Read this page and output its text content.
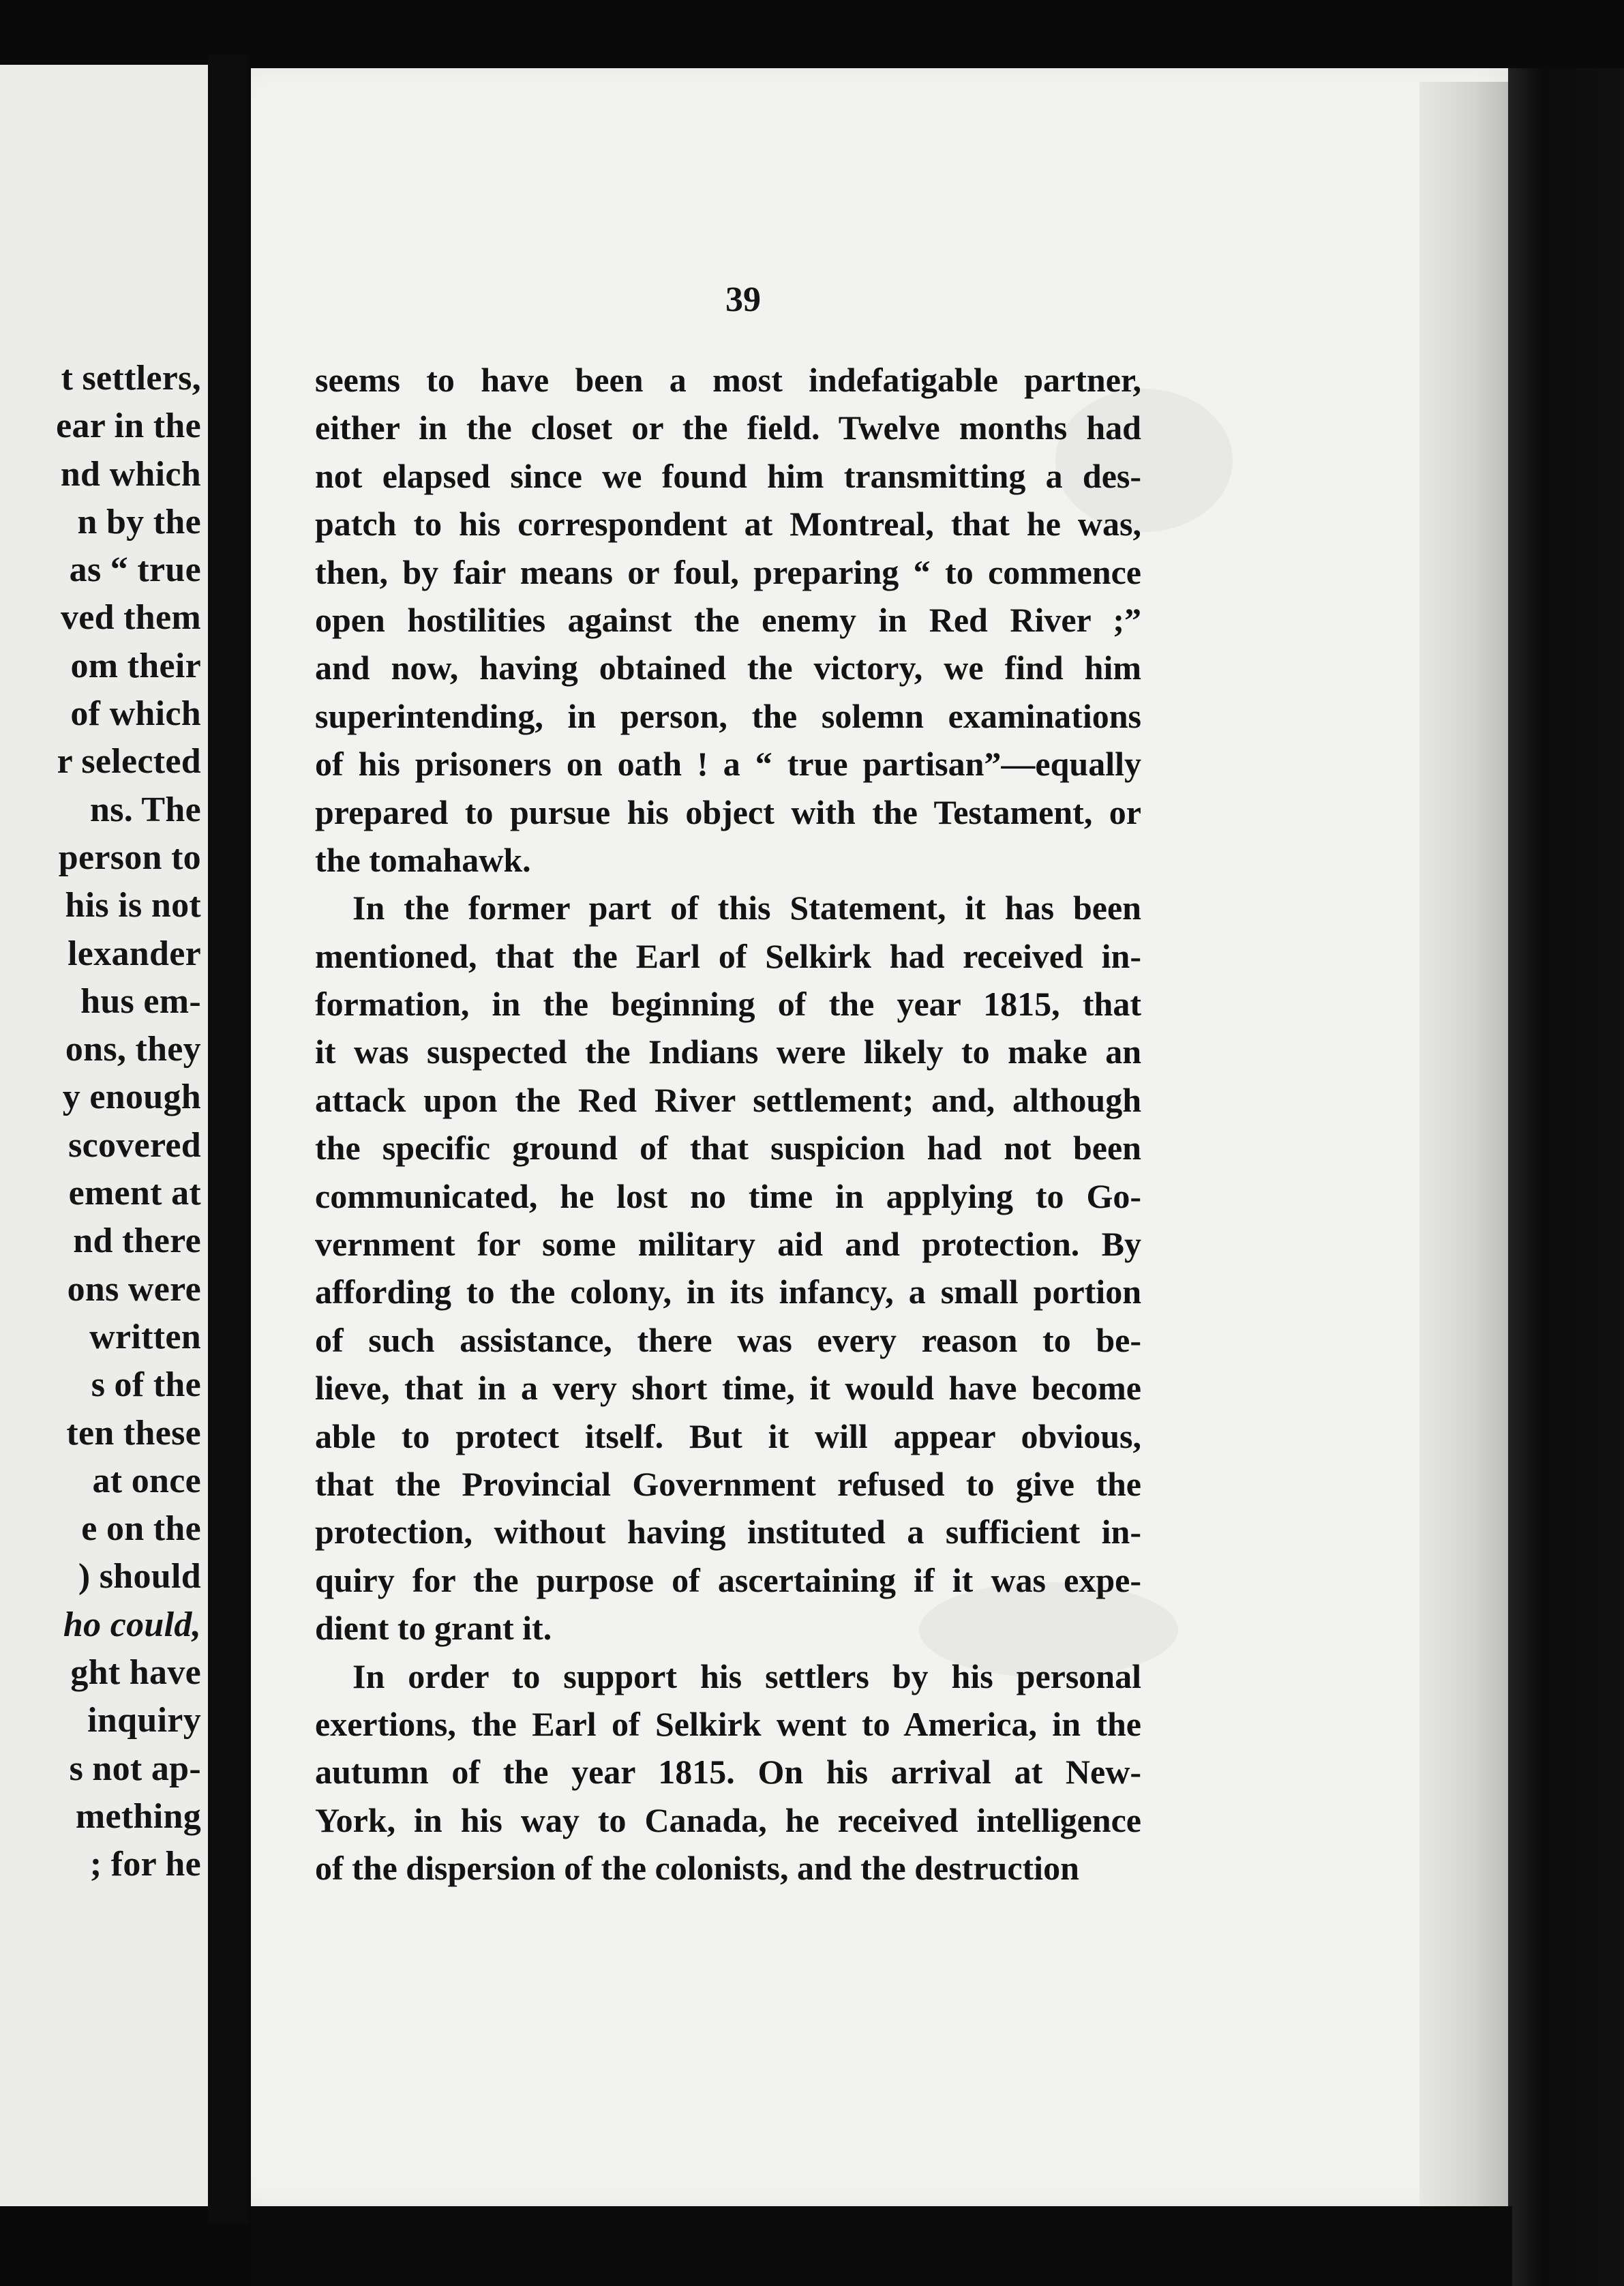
t settlers,
ear in the
nd which
n by the
as “ true
ved them
om their
of which
r selected
ns. The
person to
his is not
lexander
hus em-
ons, they
y enough
scovered
ement at
nd there
ons were
written
s of the
ten these
at once
e on the
) should
ho could,
ght have
inquiry
s not ap-
mething
; for he
39
seems to have been a most indefatigable partner,
either in the closet or the field. Twelve months had
not elapsed since we found him transmitting a des-
patch to his correspondent at Montreal, that he was,
then, by fair means or foul, preparing “ to commence
open hostilities against the enemy in Red River ;”
and now, having obtained the victory, we find him
superintending, in person, the solemn examinations
of his prisoners on oath ! a “ true partisan”—equally
prepared to pursue his object with the Testament, or
the tomahawk.
In the former part of this Statement, it has been
mentioned, that the Earl of Selkirk had received in-
formation, in the beginning of the year 1815, that
it was suspected the Indians were likely to make an
attack upon the Red River settlement; and, although
the specific ground of that suspicion had not been
communicated, he lost no time in applying to Go-
vernment for some military aid and protection. By
affording to the colony, in its infancy, a small portion
of such assistance, there was every reason to be-
lieve, that in a very short time, it would have become
able to protect itself. But it will appear obvious,
that the Provincial Government refused to give the
protection, without having instituted a sufficient in-
quiry for the purpose of ascertaining if it was expe-
dient to grant it.
In order to support his settlers by his personal
exertions, the Earl of Selkirk went to America, in the
autumn of the year 1815. On his arrival at New-
York, in his way to Canada, he received intelligence
of the dispersion of the colonists, and the destruction
